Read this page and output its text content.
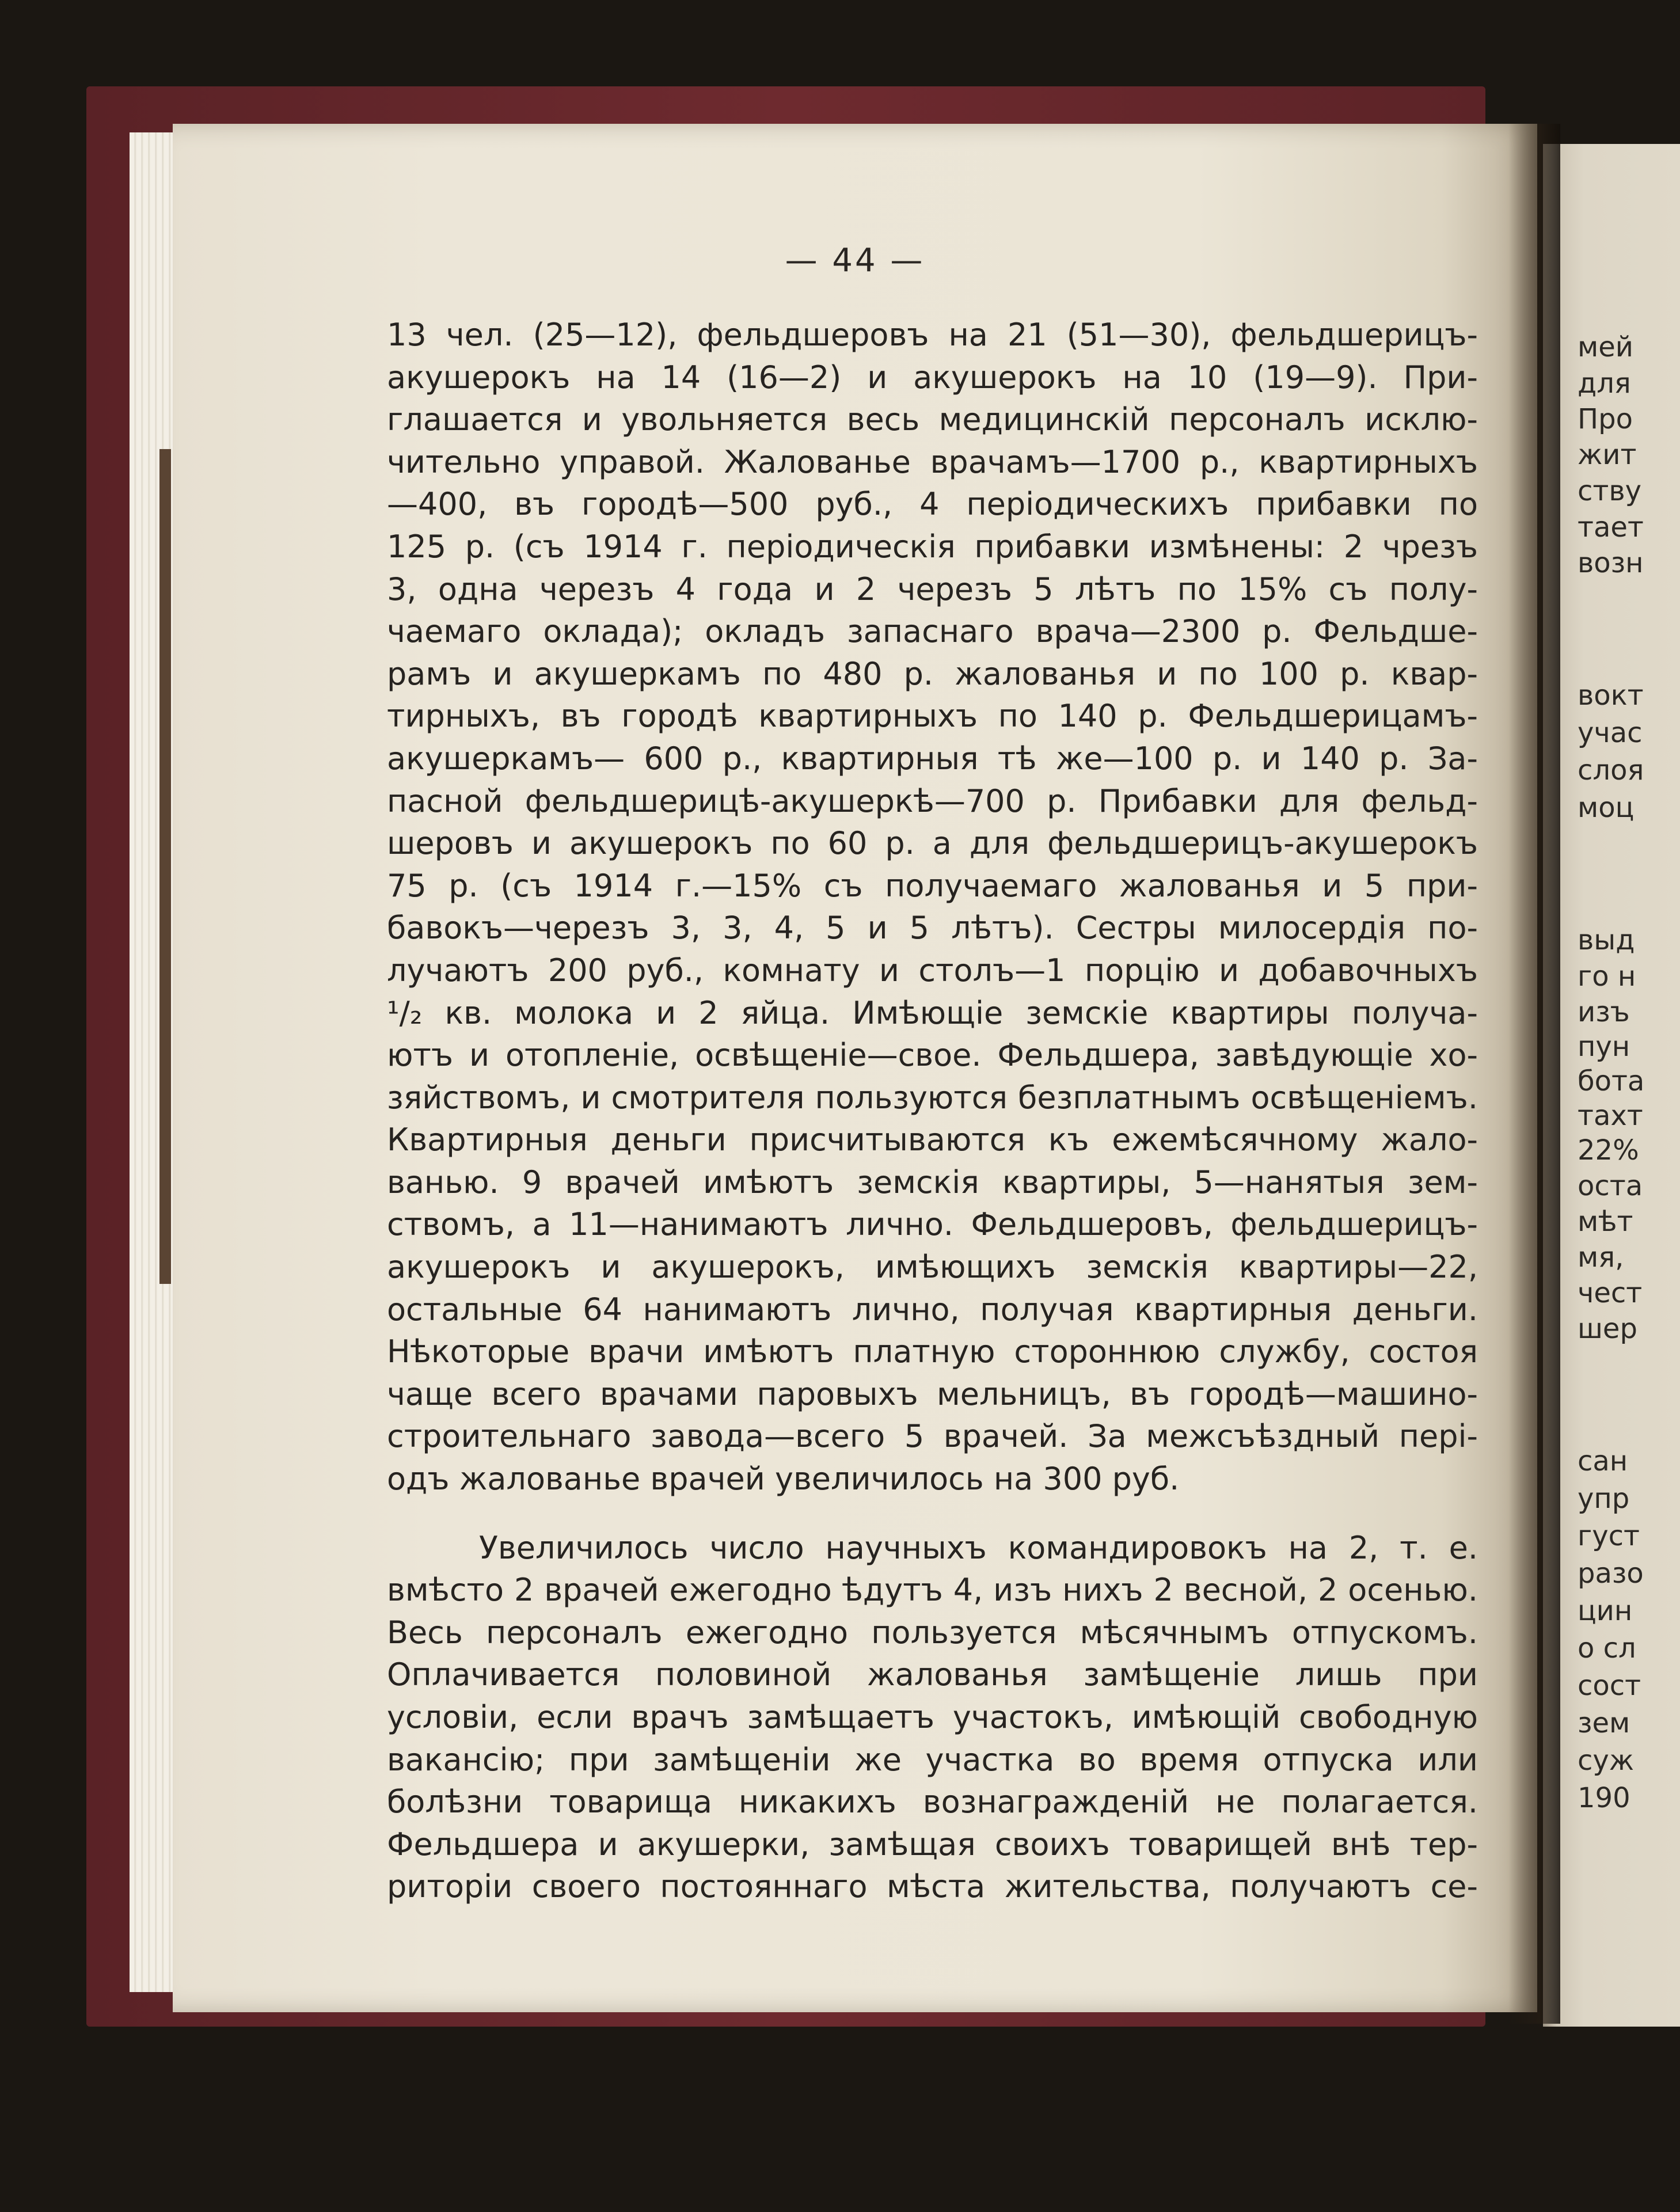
мей
для
Про
жит
ству
тает
возн
вокт
учас
слоя
моц
выд
го н
изъ
пун
бота
тахт
22%
оста
мѣт
мя,
чест
шер
сан
упр
густ
разо
цин
о сл
сост
зем
суж
190
— 44 —
13 чел. (25—12), фельдшеровъ на 21 (51—30), фельдшерицъ-
акушерокъ на 14 (16—2) и акушерокъ на 10 (19—9). При-
глашается и увольняется весь медицинскій персоналъ исклю-
чительно управой. Жалованье врачамъ—1700 р., квартирныхъ
—400, въ городѣ—500 руб., 4 періодическихъ прибавки по
125 р. (съ 1914 г. періодическія прибавки измѣнены: 2 чрезъ
3, одна черезъ 4 года и 2 черезъ 5 лѣтъ по 15% съ полу-
чаемаго оклада); окладъ запаснаго врача—2300 р. Фельдше-
рамъ и акушеркамъ по 480 р. жалованья и по 100 р. квар-
тирныхъ, въ городѣ квартирныхъ по 140 р. Фельдшерицамъ-
акушеркамъ— 600 р., квартирныя тѣ же—100 р. и 140 р. За-
пасной фельдшерицѣ-акушеркѣ—700 р. Прибавки для фельд-
шеровъ и акушерокъ по 60 р. а для фельдшерицъ-акушерокъ
75 р. (съ 1914 г.—15% съ получаемаго жалованья и 5 при-
бавокъ—черезъ 3, 3, 4, 5 и 5 лѣтъ). Сестры милосердія по-
лучаютъ 200 руб., комнату и столъ—1 порцію и добавочныхъ
¹/₂ кв. молока и 2 яйца. Имѣющіе земскіе квартиры получа-
ютъ и отопленіе, освѣщеніе—свое. Фельдшера, завѣдующіе хо-
зяйствомъ, и смотрителя пользуются безплатнымъ освѣщеніемъ.
Квартирныя деньги присчитываются къ ежемѣсячному жало-
ванью. 9 врачей имѣютъ земскія квартиры, 5—нанятыя зем-
ствомъ, а 11—нанимаютъ лично. Фельдшеровъ, фельдшерицъ-
акушерокъ и акушерокъ, имѣющихъ земскія квартиры—22,
остальные 64 нанимаютъ лично, получая квартирныя деньги.
Нѣкоторые врачи имѣютъ платную стороннюю службу, состоя
чаще всего врачами паровыхъ мельницъ, въ городѣ—машино-
строительнаго завода—всего 5 врачей. За межсъѣздный пері-
одъ жалованье врачей увеличилось на 300 руб.
Увеличилось число научныхъ командировокъ на 2, т. е.
вмѣсто 2 врачей ежегодно ѣдутъ 4, изъ нихъ 2 весной, 2 осенью.
Весь персоналъ ежегодно пользуется мѣсячнымъ отпускомъ.
Оплачивается половиной жалованья замѣщеніе лишь при
условіи, если врачъ замѣщаетъ участокъ, имѣющій свободную
вакансію; при замѣщеніи же участка во время отпуска или
болѣзни товарища никакихъ вознагражденій не полагается.
Фельдшера и акушерки, замѣщая своихъ товарищей внѣ тер-
риторіи своего постояннаго мѣста жительства, получаютъ се-
